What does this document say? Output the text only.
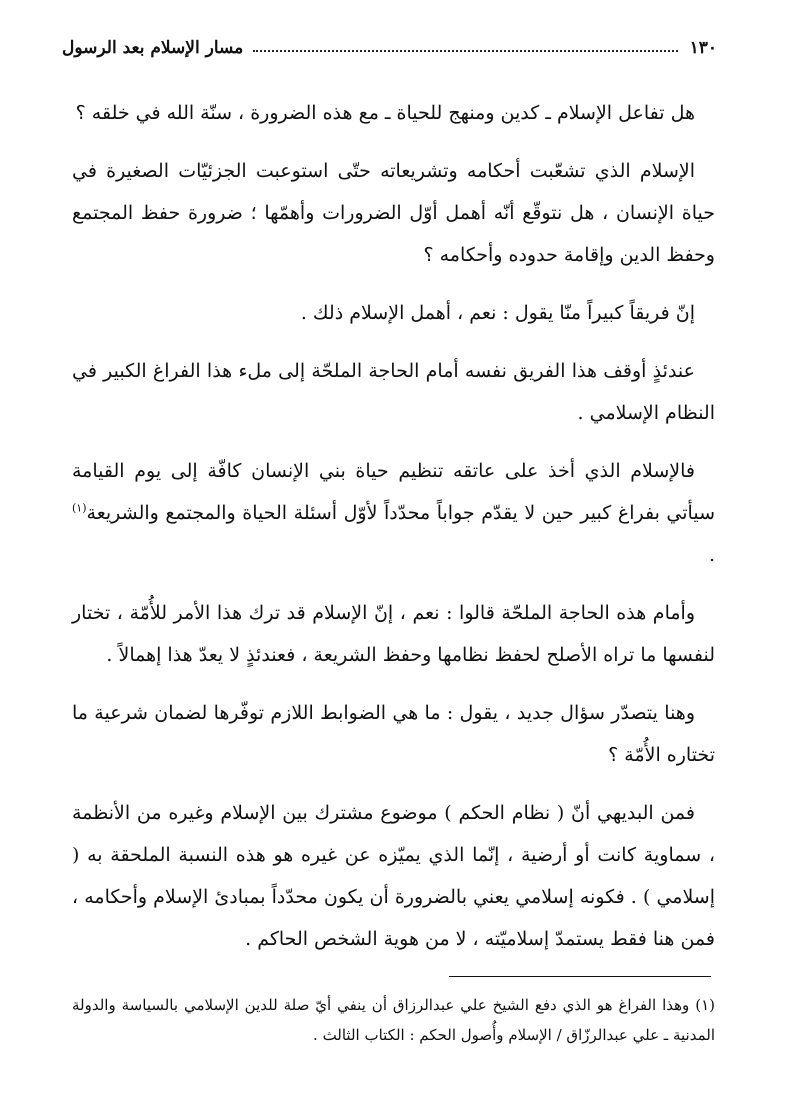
١٣٠
مسار الإسلام بعد الرسول

هل تفاعل الإسلام ـ كدين ومنهج للحياة ـ مع هذه الضرورة ، سنّة الله في خلقه ؟

الإسلام الذي تشعّبت أحكامه وتشريعاته حتّى استوعبت الجزئيّات الصغيرة في حياة الإنسان ، هل نتوقّع أنّه أهمل أوّل الضرورات وأهمّها ؛ ضرورة حفظ المجتمع وحفظ الدين وإقامة حدوده وأحكامه ؟

إنّ فريقاً كبيراً منّا يقول : نعم ، أهمل الإسلام ذلك .

عندئذٍ أوقف هذا الفريق نفسه أمام الحاجة الملحّة إلى ملء هذا الفراغ الكبير في النظام الإسلامي .

فالإسلام الذي أخذ على عاتقه تنظيم حياة بني الإنسان كافّة إلى يوم القيامة سيأتي بفراغ كبير حين لا يقدّم جواباً محدّداً لأوّل أسئلة الحياة والمجتمع والشريعة$^{(١)}$ .

وأمام هذه الحاجة الملحّة قالوا : نعم ، إنّ الإسلام قد ترك هذا الأمر للأُمّة ، تختار لنفسها ما تراه الأصلح لحفظ نظامها وحفظ الشريعة ، فعندئذٍ لا يعدّ هذا إهمالاً .

وهنا يتصدّر سؤال جديد ، يقول : ما هي الضوابط اللازم توفّرها لضمان شرعية ما تختاره الأُمّة ؟

فمن البديهي أنّ ( نظام الحكم ) موضوع مشترك بين الإسلام وغيره من الأنظمة ، سماوية كانت أو أرضية ، إنّما الذي يميّزه عن غيره هو هذه النسبة الملحقة به ( إسلامي ) . فكونه إسلامي يعني بالضرورة أن يكون محدّداً بمبادئ الإسلام وأحكامه ، فمن هنا فقط يستمدّ إسلاميّته ، لا من هوية الشخص الحاكم .

(١) وهذا الفراغ هو الذي دفع الشيخ علي عبدالرزاق أن ينفي أيّ صلة للدين الإسلامي بالسياسة والدولة المدنية ـ علي عبدالرزّاق / الإسلام وأُصول الحكم : الكتاب الثالث .
